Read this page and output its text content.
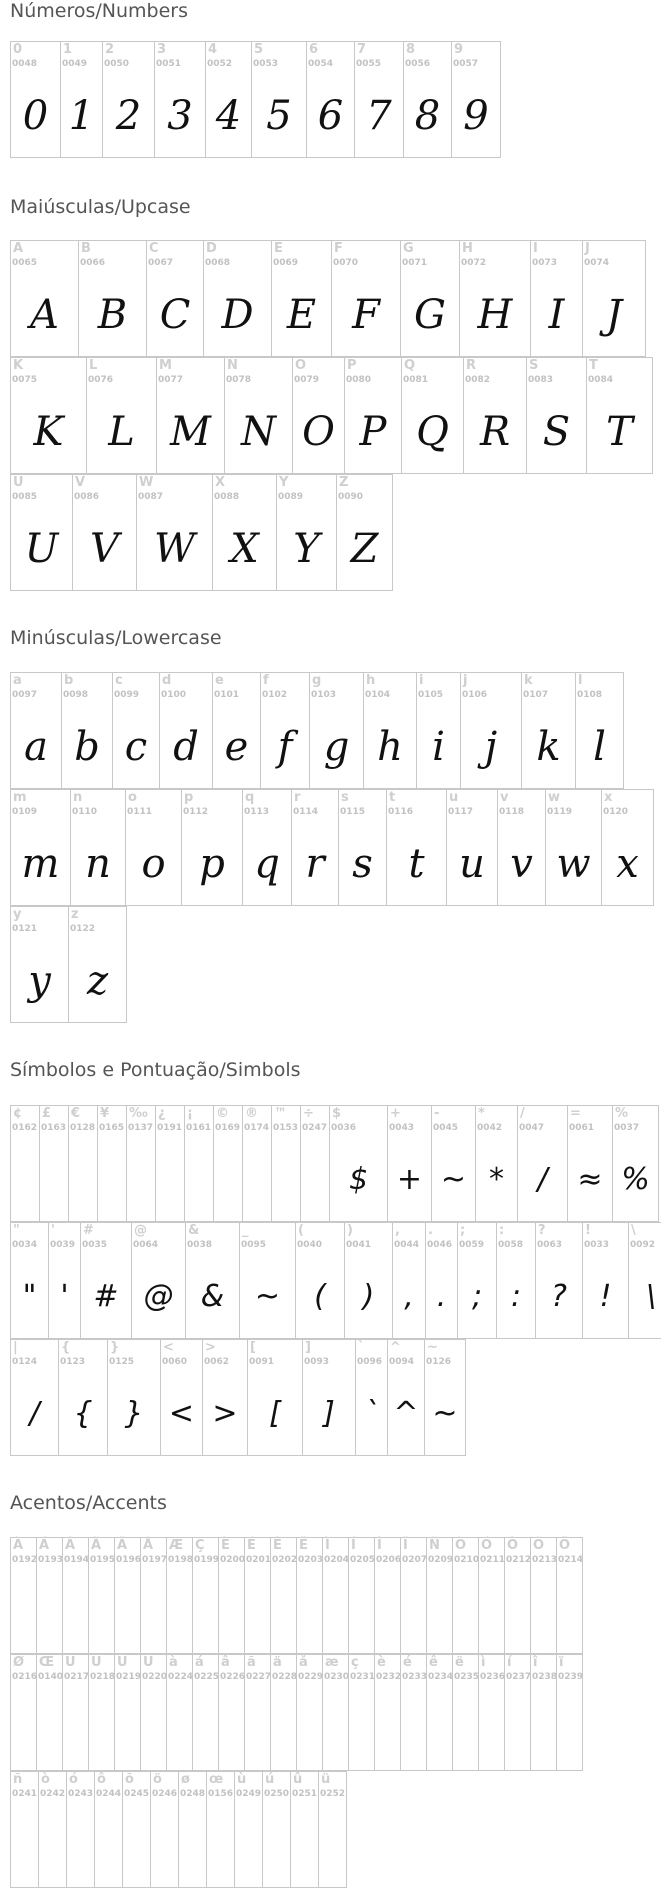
Números/Numbers
0
0048
0
1
0049
1
2
0050
2
3
0051
3
4
0052
4
5
0053
5
6
0054
6
7
0055
7
8
0056
8
9
0057
9
Maiúsculas/Upcase
A
0065
A
B
0066
B
C
0067
C
D
0068
D
E
0069
E
F
0070
F
G
0071
G
H
0072
H
I
0073
I
J
0074
J
K
0075
K
L
0076
L
M
0077
M
N
0078
N
O
0079
O
P
0080
P
Q
0081
Q
R
0082
R
S
0083
S
T
0084
T
U
0085
U
V
0086
V
W
0087
W
X
0088
X
Y
0089
Y
Z
0090
Z
Minúsculas/Lowercase
a
0097
a
b
0098
b
c
0099
c
d
0100
d
e
0101
e
f
0102
f
g
0103
g
h
0104
h
i
0105
i
j
0106
j
k
0107
k
l
0108
l
m
0109
m
n
0110
n
o
0111
o
p
0112
p
q
0113
q
r
0114
r
s
0115
s
t
0116
t
u
0117
u
v
0118
v
w
0119
w
x
0120
x
y
0121
y
z
0122
z
Símbolos e Pontuação/Simbols
¢
0162
£
0163
€
0128
¥
0165
‰
0137
¿
0191
¡
0161
©
0169
®
0174
™
0153
÷
0247
$
0036
$
+
0043
+
-
0045
~
*
0042
*
/
0047
/
=
0061
≈
%
0037
%
"
0034
"
'
0039
'
#
0035
#
@
0064
@
&
0038
&
_
0095
~
(
0040
(
)
0041
)
,
0044
,
.
0046
.
;
0059
;
:
0058
:
?
0063
?
!
0033
!
\
0092
\
|
0124
/
{
0123
{
}
0125
}
<
0060
<
>
0062
>
[
0091
[
]
0093
]
`
0096
`
^
0094
^
~
0126
~
Acentos/Accents
À
0192
Á
0193
Â
0194
Ã
0195
Ä
0196
Å
0197
Æ
0198
Ç
0199
È
0200
É
0201
Ê
0202
Ë
0203
Ì
0204
Í
0205
Î
0206
Ï
0207
Ñ
0209
Ò
0210
Ó
0211
Ô
0212
Õ
0213
Ö
0214
Ø
0216
Œ
0140
Ù
0217
Ú
0218
Û
0219
Ü
0220
à
0224
á
0225
â
0226
ã
0227
ä
0228
å
0229
æ
0230
ç
0231
è
0232
é
0233
ê
0234
ë
0235
ì
0236
í
0237
î
0238
ï
0239
ñ
0241
ò
0242
ó
0243
ô
0244
õ
0245
ö
0246
ø
0248
œ
0156
ù
0249
ú
0250
û
0251
ü
0252
